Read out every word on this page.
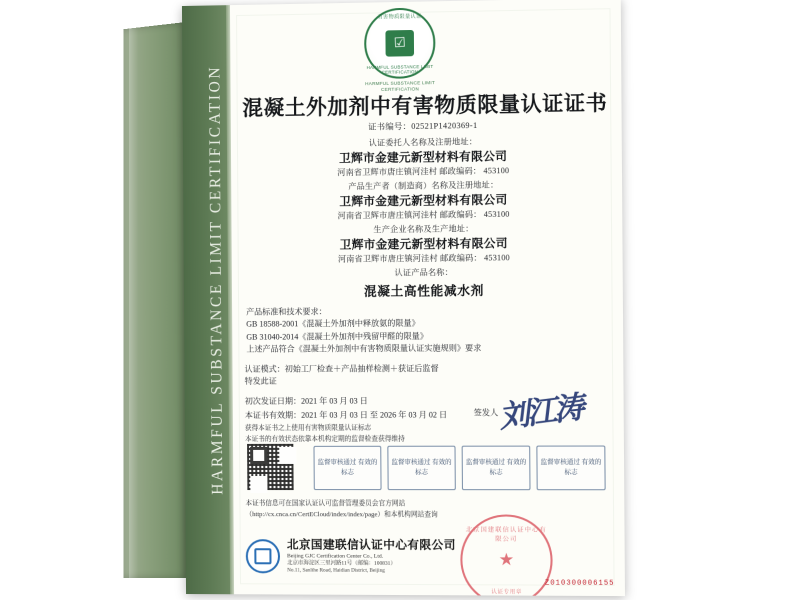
HARMFUL SUBSTANCE LIMIT CERTIFICATION
有害物质限量认证
☑
HARMFUL SUBSTANCE LIMIT CERTIFICATION
HARMFUL SUBSTANCE LIMIT CERTIFICATION
混凝土外加剂中有害物质限量认证证书
证书编号：02521P1420369-1
认证委托人名称及注册地址：
卫辉市金建元新型材料有限公司
河南省卫辉市唐庄镇河洼村 邮政编码： 453100
产品生产者（制造商）名称及注册地址：
卫辉市金建元新型材料有限公司
河南省卫辉市唐庄镇河洼村 邮政编码： 453100
生产企业名称及生产地址：
卫辉市金建元新型材料有限公司
河南省卫辉市唐庄镇河洼村 邮政编码： 453100
认证产品名称：
混凝土高性能减水剂
产品标准和技术要求：
GB 18588-2001《混凝土外加剂中释放氨的限量》
GB 31040-2014《混凝土外加剂中残留甲醛的限量》
上述产品符合《混凝土外加剂中有害物质限量认证实施规则》要求
认证模式：初始工厂检查＋产品抽样检测＋获证后监督
特发此证
初次发证日期：2021 年 03 月 03 日
本证书有效期：2021 年 03 月 03 日 至 2026 年 03 月 02 日	签发人
刘江涛
获得本证书之上使用有害物质限量认证标志
本证书的有效状态依靠本机构定期的监督检查获得维持
监督审核通过 有效的标志
监督审核通过 有效的标志
监督审核通过 有效的标志
监督审核通过 有效的标志
本证书信息可在国家认证认可监督管理委员会官方网站
（http://cx.cnca.cn/CertECloud/index/index/page）和本机构网站查询
北京国建联信认证中心有限公司
Beijing GJC Certification Center Co., Ltd.
北京市海淀区三里河路11号（邮编：100831）
No.11, Sanlihe Road, Haidian District, Beijing
北京国建联信认证中心有限公司
★
认证专用章
Z010300006155
